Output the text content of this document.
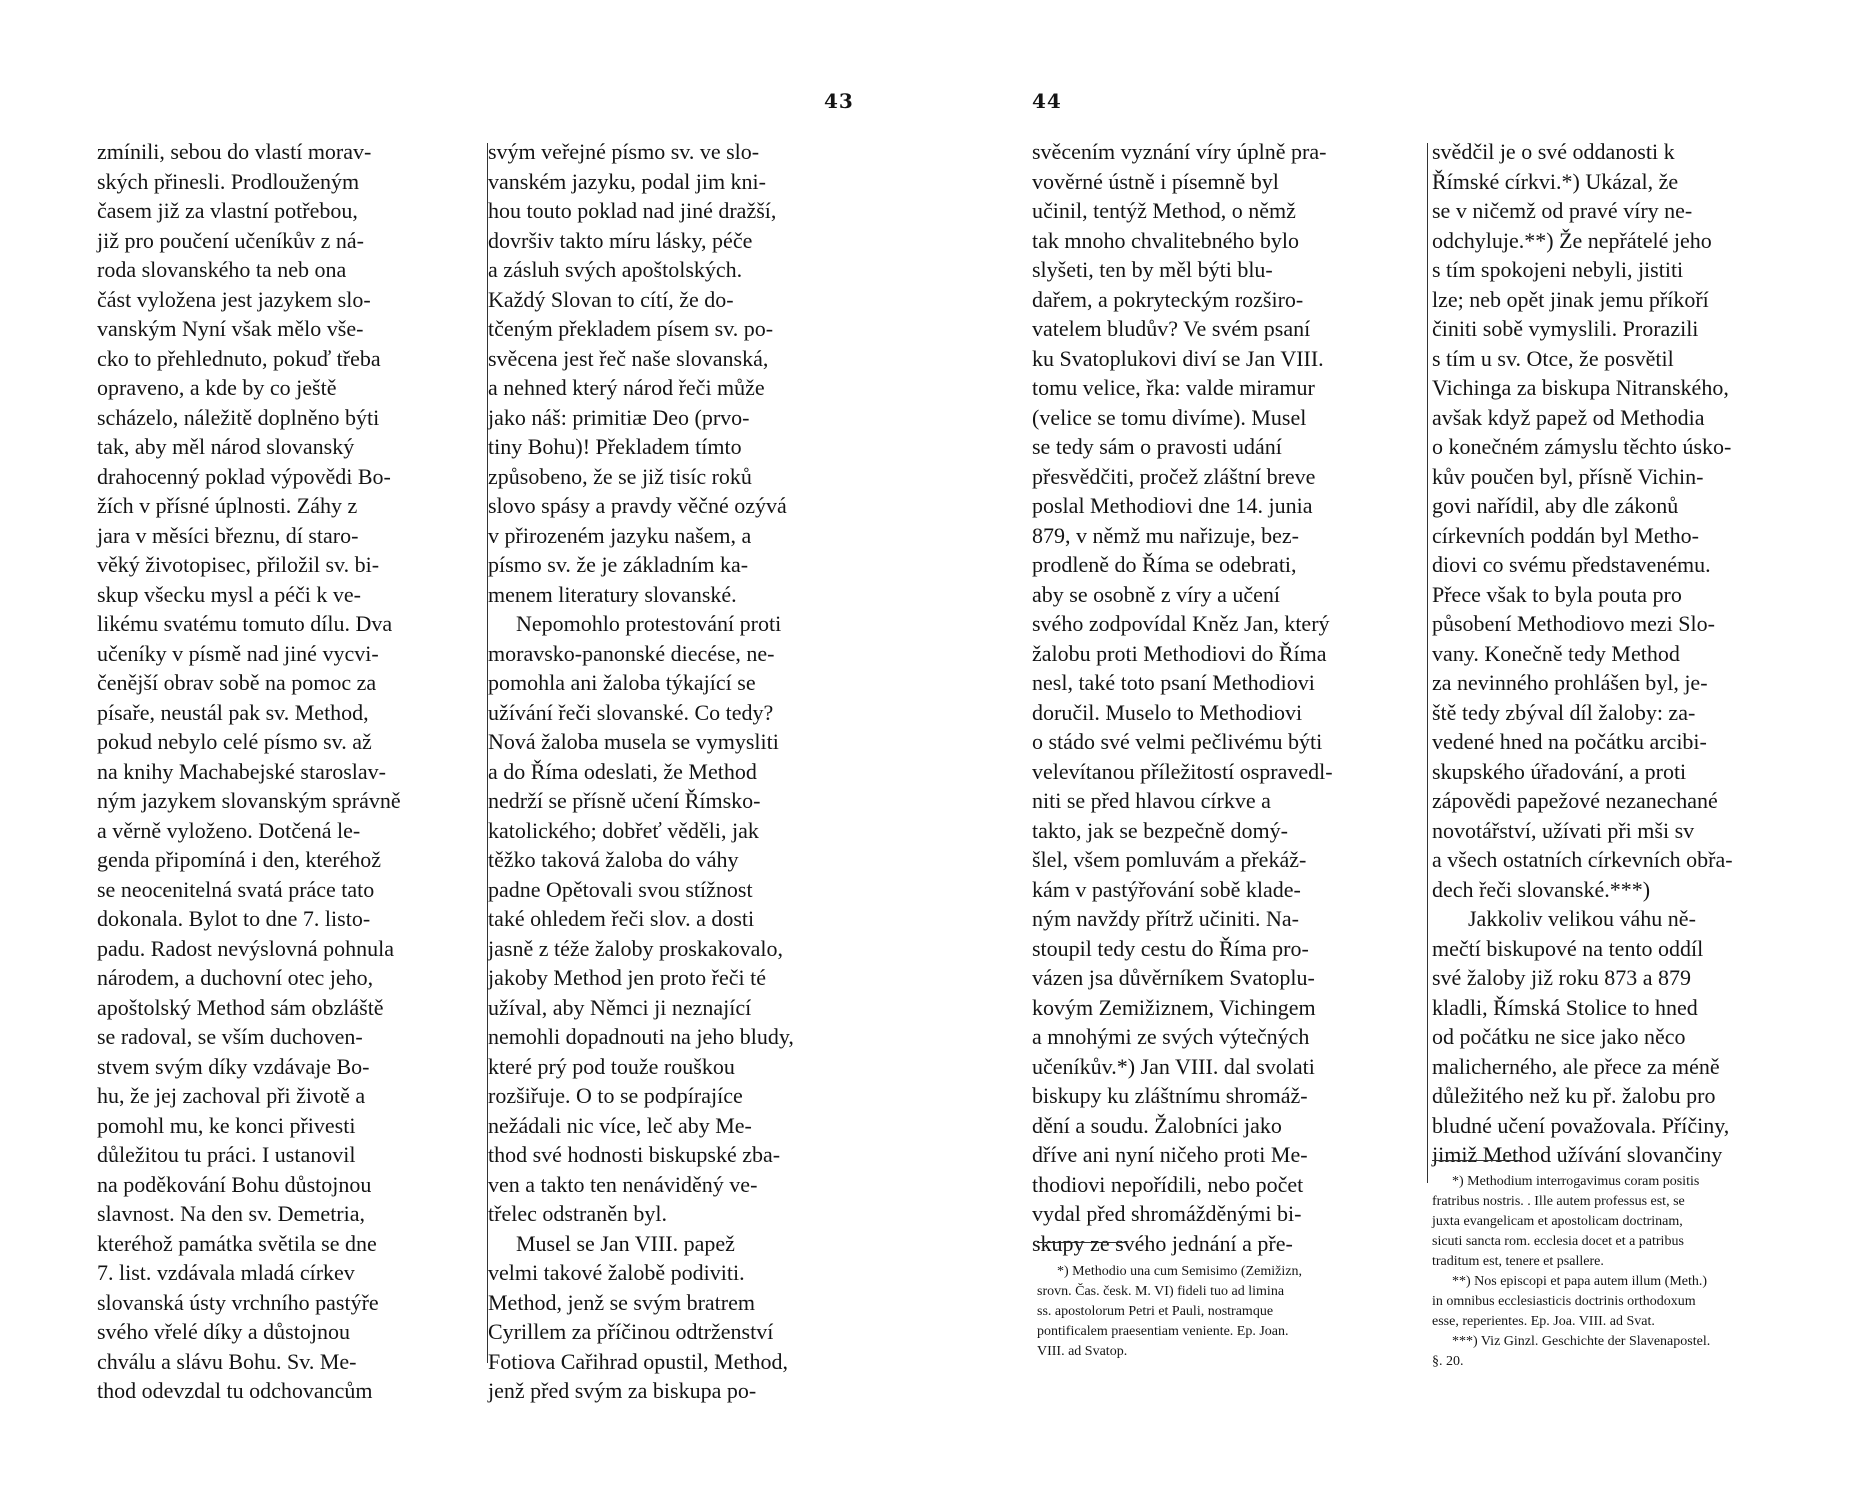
43

zmínili, sebou do vlastí morav-
ských přinesli. Prodlouženým
časem již za vlastní potřebou,
již pro poučení učeníkův z ná-
roda slovanského ta neb ona
část vyložena jest jazykem slo-
vanským Nyní však mělo vše-
cko to přehlednuto, pokuď třeba
opraveno, a kde by co ještě
scházelo, náležitě doplněno býti
tak, aby měl národ slovanský
drahocenný poklad výpovědi Bo-
žích v přísné úplnosti. Záhy z
jara v měsíci březnu, dí staro-
věký životopisec, přiložil sv. bi-
skup všecku mysl a péči k ve-
likému svatému tomuto dílu. Dva
učeníky v písmě nad jiné vycvi-
čenější obrav sobě na pomoc za
písaře, neustál pak sv. Method,
pokud nebylo celé písmo sv. až
na knihy Machabejské staroslav-
ným jazykem slovanským správně
a věrně vyloženo. Dotčená le-
genda připomíná i den, kteréhož
se neocenitelná svatá práce tato
dokonala. Bylot to dne 7. listo-
padu. Radost nevýslovná pohnula
národem, a duchovní otec jeho,
apoštolský Method sám obzláště
se radoval, se vším duchoven-
stvem svým díky vzdávaje Bo-
hu, že jej zachoval při životě a
pomohl mu, ke konci přivesti
důležitou tu práci. I ustanovil
na poděkování Bohu důstojnou
slavnost. Na den sv. Demetria,
kteréhož památka světila se dne
7. list. vzdávala mladá církev
slovanská ústy vrchního pastýře
svého vřelé díky a důstojnou
chválu a slávu Bohu. Sv. Me-
thod odevzdal tu odchovancům
svým veřejné písmo sv. ve slo-
vanském jazyku, podal jim kni-
hou touto poklad nad jiné dražší,
dovršiv takto míru lásky, péče
a zásluh svých apoštolských.
Každý Slovan to cítí, že do-
tčeným překladem písem sv. po-
svěcena jest řeč naše slovanská,
a nehned který národ řeči může
jako náš: primitiæ Deo (prvo-
tiny Bohu)! Překladem tímto
způsobeno, že se již tisíc roků
slovo spásy a pravdy věčné ozývá
v přirozeném jazyku našem, a
písmo sv. že je základním ka-
menem literatury slovanské.
Nepomohlo protestování proti
moravsko-panonské diecése, ne-
pomohla ani žaloba týkající se
užívání řeči slovanské. Co tedy?
Nová žaloba musela se vymysliti
a do Říma odeslati, že Method
nedrží se přísně učení Římsko-
katolického; dobřeť věděli, jak
těžko taková žaloba do váhy
padne Opětovali svou stížnost
také ohledem řeči slov. a dosti
jasně z téže žaloby proskakovalo,
jakoby Method jen proto řeči té
užíval, aby Němci ji neznající
nemohli dopadnouti na jeho bludy,
které prý pod touže rouškou
rozšiřuje. O to se podpírajíce
nežádali nic více, leč aby Me-
thod své hodnosti biskupské zba-
ven a takto ten nenáviděný ve-
třelec odstraněn byl.
Musel se Jan VIII. papež
velmi takové žalobě podiviti.
Method, jenž se svým bratrem
Cyrillem za příčinou odtrženství
Fotiova Cařihrad opustil, Method,
jenž před svým za biskupa po-

44

svěcením vyznání víry úplně pra-
vověrné ústně i písemně byl
učinil, tentýž Method, o němž
tak mnoho chvalitebného bylo
slyšeti, ten by měl býti blu-
dařem, a pokryteckým rozširo-
vatelem bludův? Ve svém psaní
ku Svatoplukovi diví se Jan VIII.
tomu velice, řka: valde miramur
(velice se tomu divíme). Musel
se tedy sám o pravosti udání
přesvědčiti, pročež zláštní breve
poslal Methodiovi dne 14. junia
879, v němž mu nařizuje, bez-
prodleně do Říma se odebrati,
aby se osobně z víry a učení
svého zodpovídal Kněz Jan, který
žalobu proti Methodiovi do Říma
nesl, také toto psaní Methodiovi
doručil. Muselo to Methodiovi
o stádo své velmi pečlivému býti
velevítanou příležitostí ospravedl-
niti se před hlavou církve a
takto, jak se bezpečně domý-
šlel, všem pomluvám a překáž-
kám v pastýřování sobě klade-
ným navždy přítrž učiniti. Na-
stoupil tedy cestu do Říma pro-
vázen jsa důvěrníkem Svatoplu-
kovým Zemižiznem, Vichingem
a mnohými ze svých výtečných
učeníkův.*) Jan VIII. dal svolati
biskupy ku zláštnímu shromáž-
dění a soudu. Žalobníci jako
dříve ani nyní ničeho proti Me-
thodiovi nepořídili, nebo počet
vydal před shromážděnými bi-
skupy ze svého jednání a pře-
svědčil je o své oddanosti k
Římské církvi.*) Ukázal, že
se v ničemž od pravé víry ne-
odchyluje.**) Že nepřátelé jeho
s tím spokojeni nebyli, jistiti
lze; neb opět jinak jemu příkoří
činiti sobě vymyslili. Prorazili
s tím u sv. Otce, že posvětil
Vichinga za biskupa Nitranského,
avšak když papež od Methodia
o konečném zámyslu těchto úsko-
kův poučen byl, přísně Vichin-
govi nařídil, aby dle zákonů
církevních poddán byl Metho-
diovi co svému představenému.
Přece však to byla pouta pro
působení Methodiovo mezi Slo-
vany. Konečně tedy Method
za nevinného prohlášen byl, je-
ště tedy zbýval díl žaloby: za-
vedené hned na počátku arcibi-
skupského úřadování, a proti
zápovědi papežové nezanechané
novotářství, užívati při mši sv
a všech ostatních církevních obřa-
dech řeči slovanské.***)
Jakkoliv velikou váhu ně-
mečtí biskupové na tento oddíl
své žaloby již roku 873 a 879
kladli, Římská Stolice to hned
od počátku ne sice jako něco
malicherného, ale přece za méně
důležitého než ku př. žalobu pro
bludné učení považovala. Příčiny,
jimiž Method užívání slovančiny
*) Methodio una cum Semisimo (Zemižizn,
srovn. Čas. česk. M. VI) fideli tuo ad limina
ss. apostolorum Petri et Pauli, nostramque
pontificalem praesentiam veniente. Ep. Joan.
VIII. ad Svatop.
*) Methodium interrogavimus coram positis
fratribus nostris. . Ille autem professus est, se
juxta evangelicam et apostolicam doctrinam,
sicuti sancta rom. ecclesia docet et a patribus
traditum est, tenere et psallere.
**) Nos episcopi et papa autem illum (Meth.)
in omnibus ecclesiasticis doctrinis orthodoxum
esse, reperientes. Ep. Joa. VIII. ad Svat.
***) Viz Ginzl. Geschichte der Slavenapostel.
§. 20.
